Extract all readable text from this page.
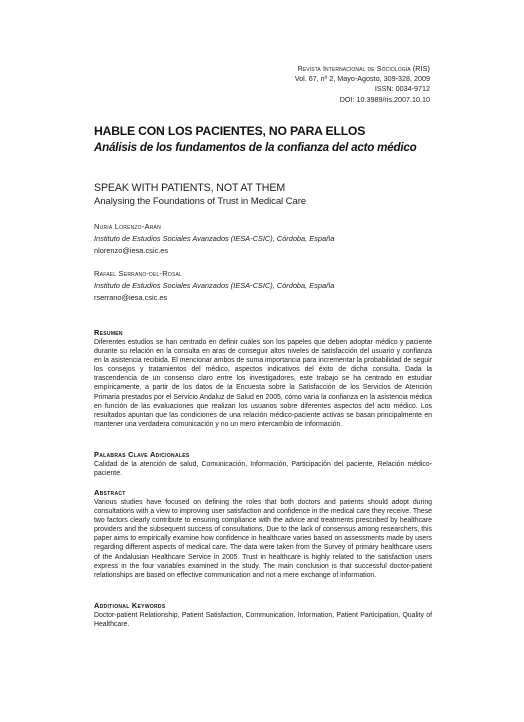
Revista Internacional de Sociología (RIS)
Vol. 67, nº 2, Mayo-Agosto, 309-328, 2009
ISSN: 0034-9712
DOI: 10.3989/ris.2007.10.10
HABLE CON LOS PACIENTES, NO PARA ELLOS
Análisis de los fundamentos de la confianza del acto médico
SPEAK WITH PATIENTS, NOT AT THEM
Analysing the Foundations of Trust in Medical Care
Nuria Lorenzo-Arán
Instituto de Estudios Sociales Avanzados (IESA-CSIC), Córdoba, España
nlorenzo@iesa.csic.es
Rafael Serrano-del-Rosal
Instituto de Estudios Sociales Avanzados (IESA-CSIC), Córdoba, España
rserrano@iesa.csic.es
Resumen
Diferentes estudios se han centrado en definir cuáles son los papeles que deben adoptar médico y paciente durante su relación en la consulta en aras de conseguir altos niveles de satisfacción del usuario y confianza en la asistencia recibida. El mencionar ambos de suma importancia para incrementar la probabilidad de seguir los consejos y tratamientos del médico, aspectos indicativos del éxito de dicha consulta. Dada la trascendencia de un consenso claro entre los investigadores, este trabajo se ha centrado en estudiar empíricamente, a partir de los datos de la Encuesta sobre la Satisfacción de los Servicios de Atención Primaria prestados por el Servicio Andaluz de Salud en 2005, cómo varía la confianza en la asistencia médica en función de las evaluaciones que realizan los usuarios sobre diferentes aspectos del acto médico. Los resultados apuntan que las condiciones de una relación médico-paciente activas se basan principalmente en mantener una verdadera comunicación y no un mero intercambio de información.
Palabras Clave Adicionales
Calidad de la atención de salud, Comunicación, Información, Participación del paciente, Relación médico-paciente.
Abstract
Various studies have focused on defining the roles that both doctors and patients should adopt during consultations with a view to improving user satisfaction and confidence in the medical care they receive. These two factors clearly contribute to ensuring compliance with the advice and treatments prescribed by healthcare providers and the subsequent success of consultations. Due to the lack of consensus among researchers, this paper aims to empirically examine how confidence in healthcare varies based on assessments made by users regarding different aspects of medical care. The data were taken from the Survey of primary healthcare users of the Andalusian Healthcare Service in 2005. Trust in healthcare is highly related to the satisfaction users express in the four variables examined in the study. The main conclusion is that successful doctor-patient relationships are based on effective communication and not a mere exchange of information.
Additional Keywords
Doctor-patient Relationship, Patient Satisfaction, Communication, Information, Patient Participation, Quality of Healthcare.
